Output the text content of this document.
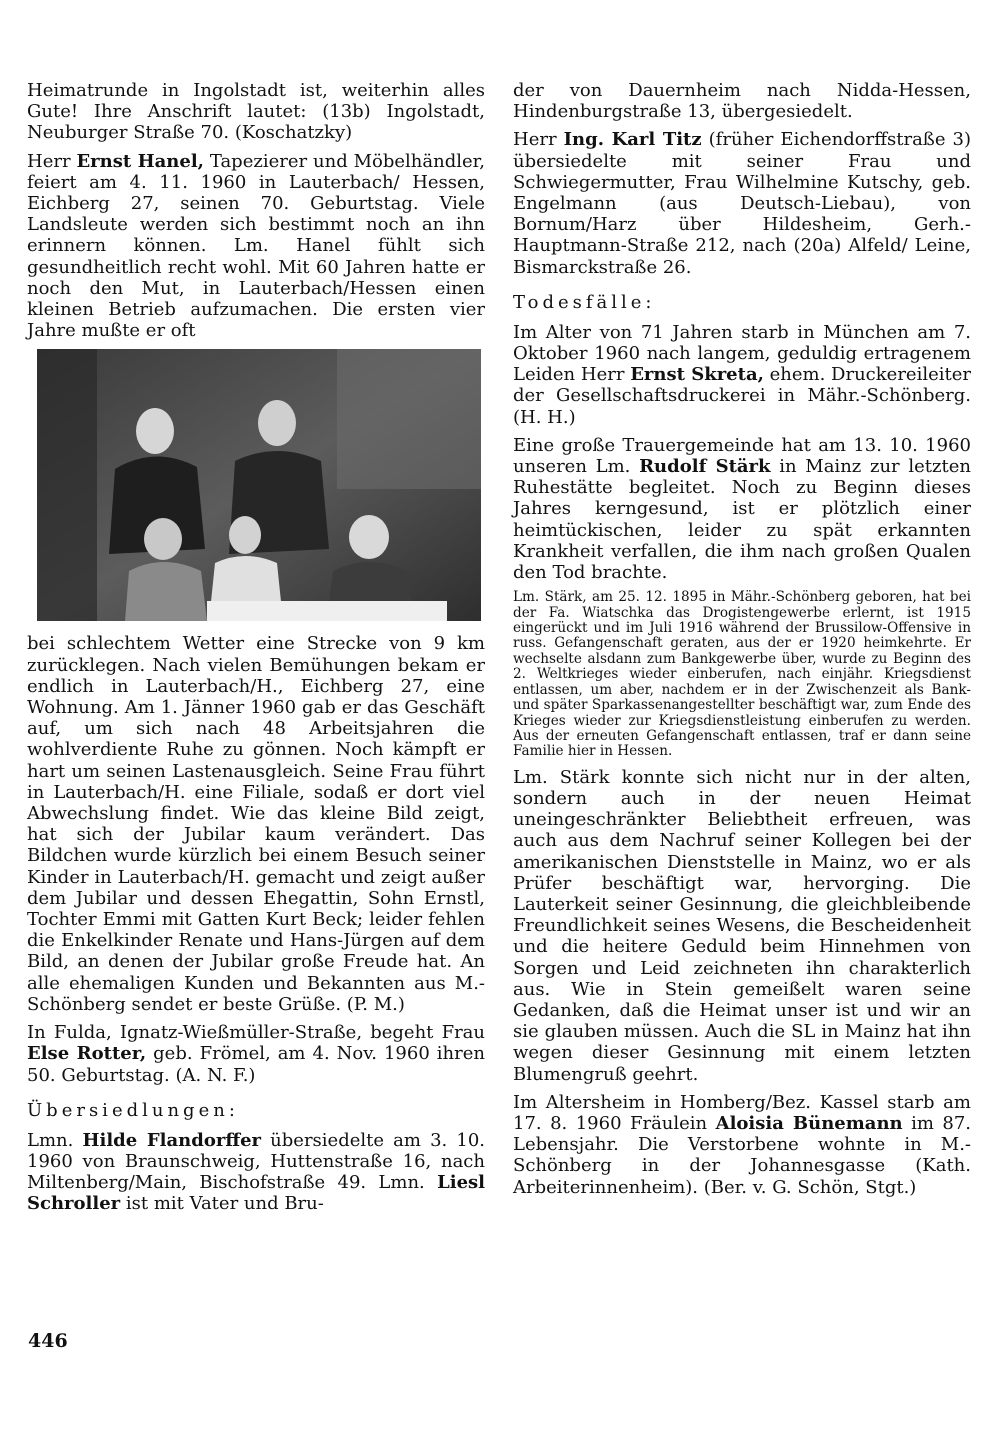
Heimatrunde in Ingolstadt ist, weiterhin alles Gute! Ihre Anschrift lautet: (13b) Ingolstadt, Neuburger Straße 70. (Koschatzky)

Herr Ernst Hanel, Tapezierer und Möbelhändler, feiert am 4. 11. 1960 in Lauterbach/ Hessen, Eichberg 27, seinen 70. Geburtstag. Viele Landsleute werden sich bestimmt noch an ihn erinnern können. Lm. Hanel fühlt sich gesundheitlich recht wohl. Mit 60 Jahren hatte er noch den Mut, in Lauterbach/Hessen einen kleinen Betrieb aufzumachen. Die ersten vier Jahre mußte er oft

bei schlechtem Wetter eine Strecke von 9 km zurücklegen. Nach vielen Bemühungen bekam er endlich in Lauterbach/H., Eichberg 27, eine Wohnung. Am 1. Jänner 1960 gab er das Geschäft auf, um sich nach 48 Arbeitsjahren die wohlverdiente Ruhe zu gönnen. Noch kämpft er hart um seinen Lastenausgleich. Seine Frau führt in Lauterbach/H. eine Filiale, sodaß er dort viel Abwechslung findet. Wie das kleine Bild zeigt, hat sich der Jubilar kaum verändert. Das Bildchen wurde kürzlich bei einem Besuch seiner Kinder in Lauterbach/H. gemacht und zeigt außer dem Jubilar und dessen Ehegattin, Sohn Ernstl, Tochter Emmi mit Gatten Kurt Beck; leider fehlen die Enkelkinder Renate und Hans-Jürgen auf dem Bild, an denen der Jubilar große Freude hat. An alle ehemaligen Kunden und Bekannten aus M.-Schönberg sendet er beste Grüße. (P. M.)

In Fulda, Ignatz-Wießmüller-Straße, begeht Frau Else Rotter, geb. Frömel, am 4. Nov. 1960 ihren 50. Geburtstag. (A. N. F.)

Übersiedlungen:

Lmn. Hilde Flandorffer übersiedelte am 3. 10. 1960 von Braunschweig, Huttenstraße 16, nach Miltenberg/Main, Bischofstraße 49. Lmn. Liesl Schroller ist mit Vater und Bru-

der von Dauernheim nach Nidda-Hessen, Hindenburgstraße 13, übergesiedelt.

Herr Ing. Karl Titz (früher Eichendorffstraße 3) übersiedelte mit seiner Frau und Schwiegermutter, Frau Wilhelmine Kutschy, geb. Engelmann (aus Deutsch-Liebau), von Bornum/Harz über Hildesheim, Gerh.-Hauptmann-Straße 212, nach (20a) Alfeld/ Leine, Bismarckstraße 26.

Todesfälle:

Im Alter von 71 Jahren starb in München am 7. Oktober 1960 nach langem, geduldig ertragenem Leiden Herr Ernst Skreta, ehem. Druckereileiter der Gesellschaftsdruckerei in Mähr.-Schönberg. (H. H.)

Eine große Trauergemeinde hat am 13. 10. 1960 unseren Lm. Rudolf Stärk in Mainz zur letzten Ruhestätte begleitet. Noch zu Beginn dieses Jahres kerngesund, ist er plötzlich einer heimtückischen, leider zu spät erkannten Krankheit verfallen, die ihm nach großen Qualen den Tod brachte.

Lm. Stärk, am 25. 12. 1895 in Mähr.-Schönberg geboren, hat bei der Fa. Wiatschka das Drogistengewerbe erlernt, ist 1915 eingerückt und im Juli 1916 während der Brussilow-Offensive in russ. Gefangenschaft geraten, aus der er 1920 heimkehrte. Er wechselte alsdann zum Bankgewerbe über, wurde zu Beginn des 2. Weltkrieges wieder einberufen, nach einjähr. Kriegsdienst entlassen, um aber, nachdem er in der Zwischenzeit als Bank- und später Sparkassenangestellter beschäftigt war, zum Ende des Krieges wieder zur Kriegsdienstleistung einberufen zu werden. Aus der erneuten Gefangenschaft entlassen, traf er dann seine Familie hier in Hessen.

Lm. Stärk konnte sich nicht nur in der alten, sondern auch in der neuen Heimat uneingeschränkter Beliebtheit erfreuen, was auch aus dem Nachruf seiner Kollegen bei der amerikanischen Dienststelle in Mainz, wo er als Prüfer beschäftigt war, hervorging. Die Lauterkeit seiner Gesinnung, die gleichbleibende Freundlichkeit seines Wesens, die Bescheidenheit und die heitere Geduld beim Hinnehmen von Sorgen und Leid zeichneten ihn charakterlich aus. Wie in Stein gemeißelt waren seine Gedanken, daß die Heimat unser ist und wir an sie glauben müssen. Auch die SL in Mainz hat ihn wegen dieser Gesinnung mit einem letzten Blumengruß geehrt.

Im Altersheim in Homberg/Bez. Kassel starb am 17. 8. 1960 Fräulein Aloisia Bünemann im 87. Lebensjahr. Die Verstorbene wohnte in M.-Schönberg in der Johannesgasse (Kath. Arbeiterinnenheim). (Ber. v. G. Schön, Stgt.)

446
